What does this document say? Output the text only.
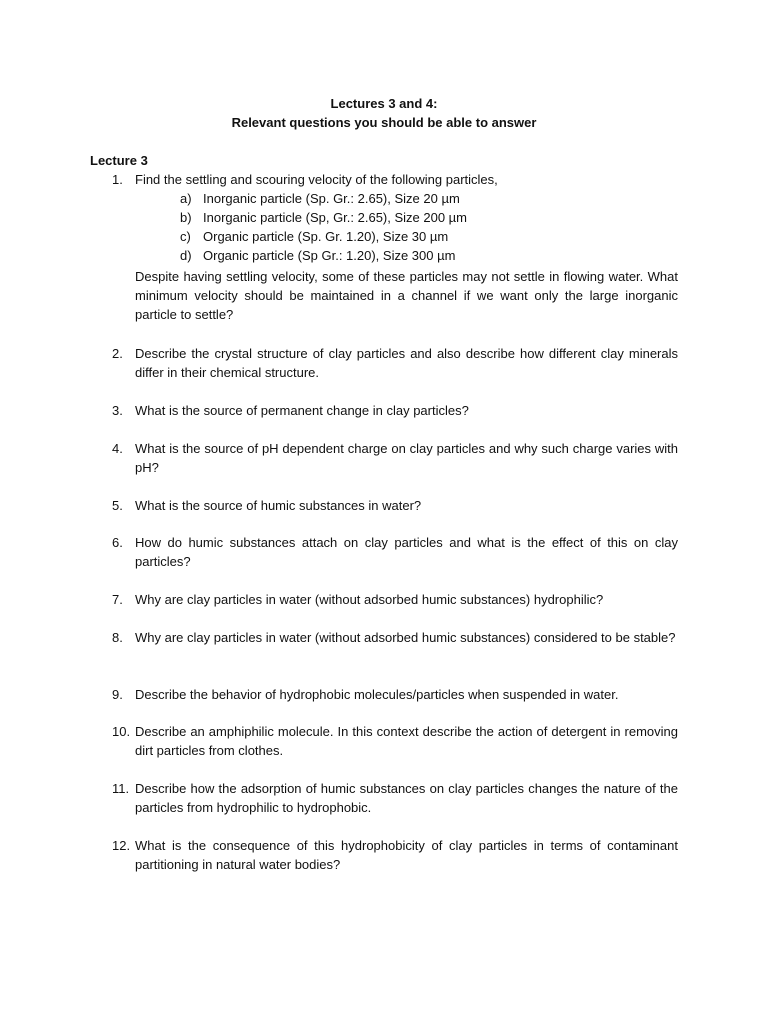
Lectures 3 and 4:
Relevant questions you should be able to answer
Lecture 3
1. Find the settling and scouring velocity of the following particles,
a) Inorganic particle (Sp. Gr.: 2.65), Size 20 µm
b) Inorganic particle (Sp, Gr.: 2.65), Size 200 µm
c) Organic particle (Sp. Gr. 1.20), Size 30 µm
d) Organic particle (Sp Gr.: 1.20), Size 300 µm
Despite having settling velocity, some of these particles may not settle in flowing water. What minimum velocity should be maintained in a channel if we want only the large inorganic particle to settle?
2. Describe the crystal structure of clay particles and also describe how different clay minerals differ in their chemical structure.
3. What is the source of permanent change in clay particles?
4. What is the source of pH dependent charge on clay particles and why such charge varies with pH?
5. What is the source of humic substances in water?
6. How do humic substances attach on clay particles and what is the effect of this on clay particles?
7. Why are clay particles in water (without adsorbed humic substances) hydrophilic?
8. Why are clay particles in water (without adsorbed humic substances) considered to be stable?
9. Describe the behavior of hydrophobic molecules/particles when suspended in water.
10. Describe an amphiphilic molecule. In this context describe the action of detergent in removing dirt particles from clothes.
11. Describe how the adsorption of humic substances on clay particles changes the nature of the particles from hydrophilic to hydrophobic.
12. What is the consequence of this hydrophobicity of clay particles in terms of contaminant partitioning in natural water bodies?
